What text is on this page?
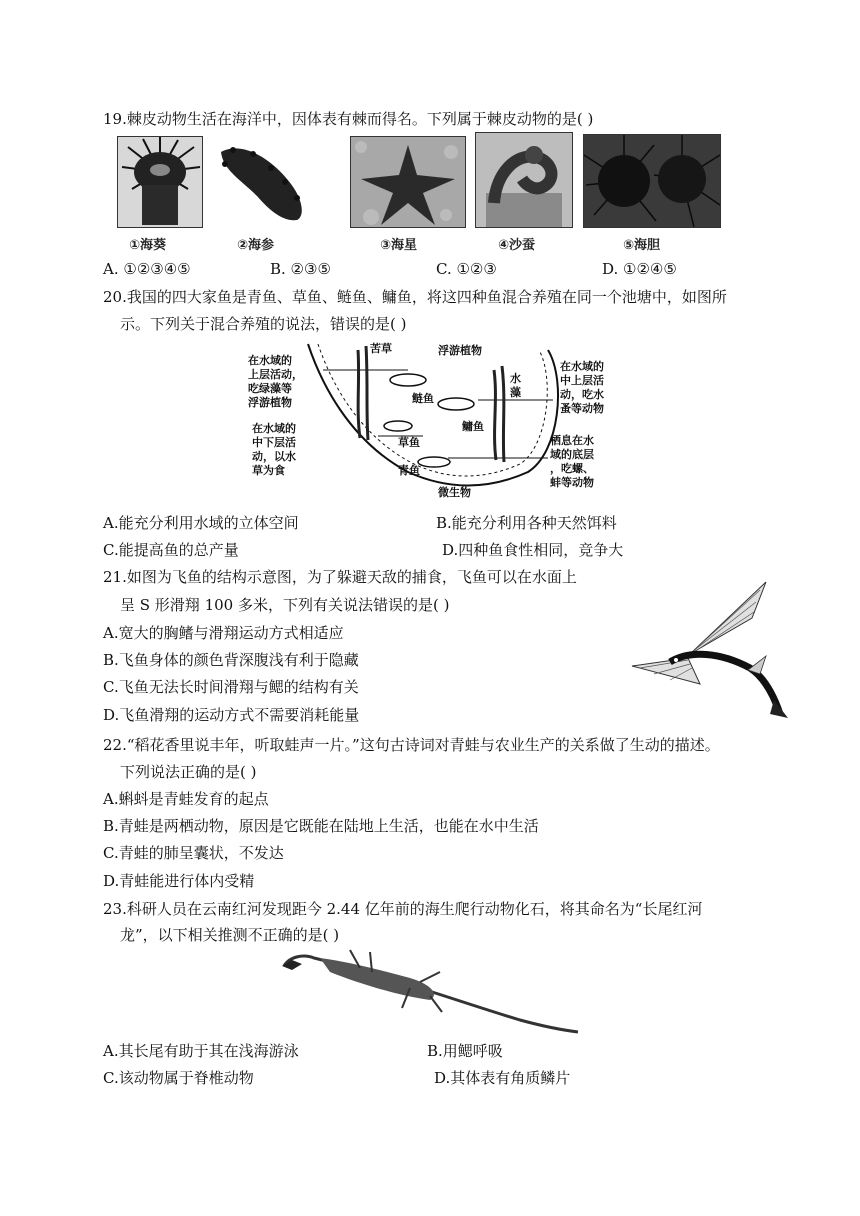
19.棘皮动物生活在海洋中，因体表有棘而得名。下列属于棘皮动物的是( )
①海葵	②海参	③海星	④沙蚕	⑤海胆
A. ①②③④⑤	B. ②③⑤	C. ①②③	D. ①②④⑤
20.我国的四大家鱼是青鱼、草鱼、鲢鱼、鳙鱼，将这四种鱼混合养殖在同一个池塘中，如图所
示。下列关于混合养殖的说法，错误的是( )
在水域的
上层活动，
吃绿藻等
浮游植物
在水域的
中下层活
动，以水
草为食
在水域的
中上层活
动，吃水
蚤等动物
栖息在水
域的底层
，吃螺、
蚌等动物
苦草	浮游植物
水藻
鲢鱼
鳙鱼
草鱼
青鱼
微生物
A.能充分利用水域的立体空间	B.能充分利用各种天然饵料
C.能提高鱼的总产量	D.四种鱼食性相同，竞争大
21.如图为飞鱼的结构示意图，为了躲避天敌的捕食，飞鱼可以在水面上
呈 S 形滑翔 100 多米，下列有关说法错误的是( )
A.宽大的胸鳍与滑翔运动方式相适应
B.飞鱼身体的颜色背深腹浅有利于隐藏
C.飞鱼无法长时间滑翔与鳃的结构有关
D.飞鱼滑翔的运动方式不需要消耗能量
22.“稻花香里说丰年，听取蛙声一片。”这句古诗词对青蛙与农业生产的关系做了生动的描述。
下列说法正确的是( )
A.蝌蚪是青蛙发育的起点
B.青蛙是两栖动物，原因是它既能在陆地上生活，也能在水中生活
C.青蛙的肺呈囊状，不发达
D.青蛙能进行体内受精
23.科研人员在云南红河发现距今 2.44 亿年前的海生爬行动物化石，将其命名为“长尾红河
龙”，以下相关推测不正确的是( )
A.其长尾有助于其在浅海游泳	B.用鳃呼吸
C.该动物属于脊椎动物	D.其体表有角质鳞片
